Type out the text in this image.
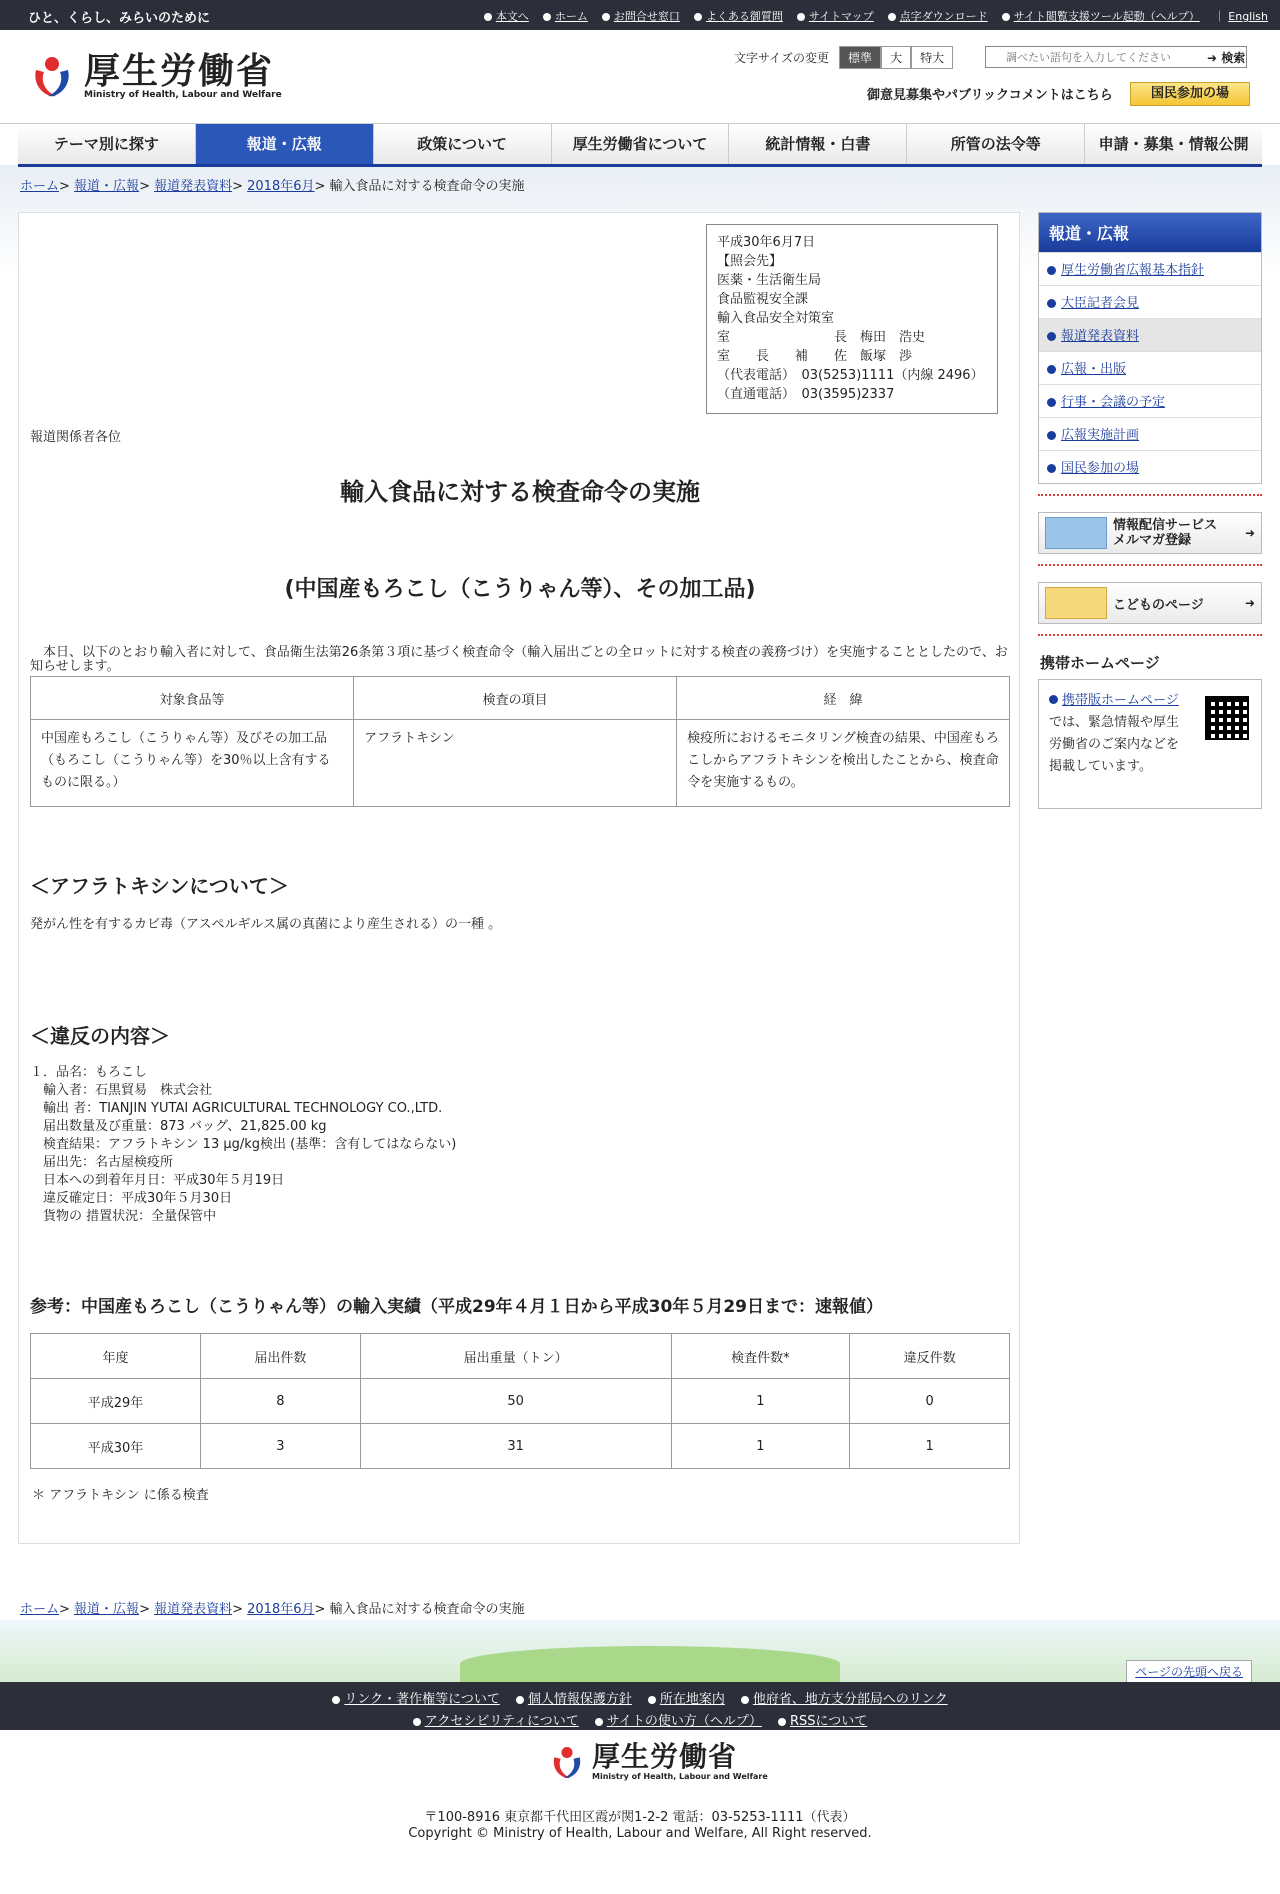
ひと、くらし、みらいのために	本文へ	ホーム	お問合せ窓口	よくある御質問	サイトマップ	点字ダウンロード	サイト閲覧支援ツール起動（ヘルプ） ｜ English
厚生労働省
Ministry of Health, Labour and Welfare
文字サイズの変更	標準	大	特大
調べたい語句を入力してください	➜ 検索
御意見募集やパブリックコメントはこちら	国民参加の場
テーマ別に探す	報道・広報	政策について	厚生労働省について	統計情報・白書	所管の法令等	申請・募集・情報公開
ホーム> 報道・広報> 報道発表資料> 2018年6月> 輸入食品に対する検査命令の実施
平成30年6月7日
【照会先】
医薬・生活衛生局
食品監視安全課
輸入食品安全対策室
室　　　　　　　　長　梅田　浩史
室　　長　　補　　佐　飯塚　渉
（代表電話）　03(5253)1111（内線 2496）
（直通電話）　03(3595)2337
報道関係者各位
輸入食品に対する検査命令の実施
(中国産もろこし（こうりゃん等）、その加工品)
　本日、以下のとおり輸入者に対して、食品衛生法第26条第３項に基づく検査命令（輸入届出ごとの全ロットに対する検査の義務づけ）を実施することとしたので、お知らせします。
対象食品等	検査の項目	経　緯
中国産もろこし（こうりゃん等）及びその加工品（もろこし（こうりゃん等）を30％以上含有するものに限る。）	アフラトキシン	検疫所におけるモニタリング検査の結果、中国産もろこしからアフラトキシンを検出したことから、検査命令を実施するもの。
＜アフラトキシンについて＞
発がん性を有するカビ毒（アスペルギルス属の真菌により産生される）の一種 。
＜違反の内容＞
１．品名：もろこし
　輸入者：石黒貿易　株式会社
　輸出 者：TIANJIN YUTAI AGRICULTURAL TECHNOLOGY CO.,LTD.
　届出数量及び重量：873 バッグ、21,825.00 kg
　検査結果：アフラトキシン 13 μg/kg検出 (基準：含有してはならない)
　届出先：名古屋検疫所
　日本への到着年月日：平成30年５月19日
　違反確定日：平成30年５月30日
　貨物の 措置状況：全量保管中
参考：中国産もろこし（こうりゃん等）の輸入実績（平成29年４月１日から平成30年５月29日まで：速報値）
年度	届出件数	届出重量（トン）	検査件数*	違反件数
平成29年	8	50	1	0
平成30年	3	31	1	1
＊ アフラトキシン に係る検査
報道・広報
厚生労働省広報基本指針
大臣記者会見
報道発表資料
広報・出版
行事・会議の予定
広報実施計画
国民参加の場
情報配信サービス
メルマガ登録	➜
こどものページ	➜
携帯ホームページ
携帯版ホームページでは、緊急情報や厚生労働省のご案内などを掲載しています。
ホーム> 報道・広報> 報道発表資料> 2018年6月> 輸入食品に対する検査命令の実施
ページの先頭へ戻る
リンク・著作権等について	個人情報保護方針	所在地案内	他府省、地方支分部局へのリンク
アクセシビリティについて	サイトの使い方（ヘルプ）	RSSについて
厚生労働省
Ministry of Health, Labour and Welfare
〒100-8916 東京都千代田区霞が関1-2-2 電話：03-5253-1111（代表）
Copyright © Ministry of Health, Labour and Welfare, All Right reserved.
